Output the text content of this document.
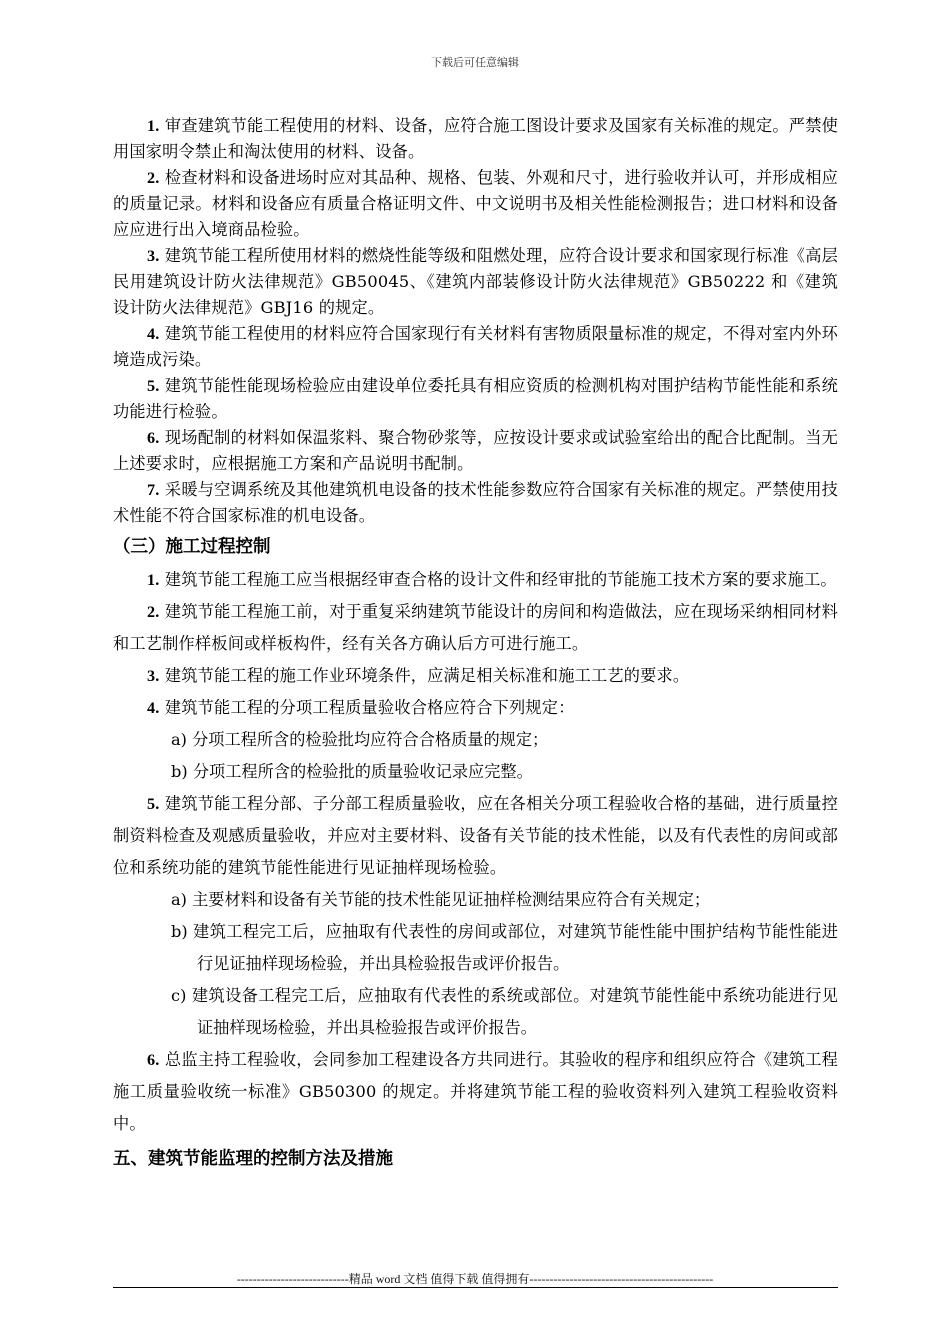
下载后可任意编辑

1. 审查建筑节能工程使用的材料、设备，应符合施工图设计要求及国家有关标准的规定。严禁使用国家明令禁止和淘汰使用的材料、设备。

2. 检查材料和设备进场时应对其品种、规格、包装、外观和尺寸，进行验收并认可，并形成相应的质量记录。材料和设备应有质量合格证明文件、中文说明书及相关性能检测报告；进口材料和设备应应进行出入境商品检验。

3. 建筑节能工程所使用材料的燃烧性能等级和阻燃处理，应符合设计要求和国家现行标准《高层民用建筑设计防火法律规范》GB50045、《建筑内部装修设计防火法律规范》GB50222 和《建筑设计防火法律规范》GBJ16 的规定。

4. 建筑节能工程使用的材料应符合国家现行有关材料有害物质限量标准的规定，不得对室内外环境造成污染。

5. 建筑节能性能现场检验应由建设单位委托具有相应资质的检测机构对围护结构节能性能和系统功能进行检验。

6. 现场配制的材料如保温浆料、聚合物砂浆等，应按设计要求或试验室给出的配合比配制。当无上述要求时，应根据施工方案和产品说明书配制。

7. 采暖与空调系统及其他建筑机电设备的技术性能参数应符合国家有关标准的规定。严禁使用技术性能不符合国家标准的机电设备。

（三）施工过程控制

1. 建筑节能工程施工应当根据经审查合格的设计文件和经审批的节能施工技术方案的要求施工。

2. 建筑节能工程施工前，对于重复采纳建筑节能设计的房间和构造做法，应在现场采纳相同材料和工艺制作样板间或样板构件，经有关各方确认后方可进行施工。

3. 建筑节能工程的施工作业环境条件，应满足相关标准和施工工艺的要求。

4. 建筑节能工程的分项工程质量验收合格应符合下列规定：

a) 分项工程所含的检验批均应符合合格质量的规定；

b) 分项工程所含的检验批的质量验收记录应完整。

5. 建筑节能工程分部、子分部工程质量验收，应在各相关分项工程验收合格的基础，进行质量控制资料检查及观感质量验收，并应对主要材料、设备有关节能的技术性能，以及有代表性的房间或部位和系统功能的建筑节能性能进行见证抽样现场检验。

a) 主要材料和设备有关节能的技术性能见证抽样检测结果应符合有关规定；

b) 建筑工程完工后，应抽取有代表性的房间或部位，对建筑节能性能中围护结构节能性能进行见证抽样现场检验，并出具检验报告或评价报告。

c) 建筑设备工程完工后，应抽取有代表性的系统或部位。对建筑节能性能中系统功能进行见证抽样现场检验，并出具检验报告或评价报告。

6. 总监主持工程验收，会同参加工程建设各方共同进行。其验收的程序和组织应符合《建筑工程施工质量验收统一标准》GB50300 的规定。并将建筑节能工程的验收资料列入建筑工程验收资料中。

五、建筑节能监理的控制方法及措施
----------------------------精品 word 文档 值得下载 值得拥有----------------------------------------------
